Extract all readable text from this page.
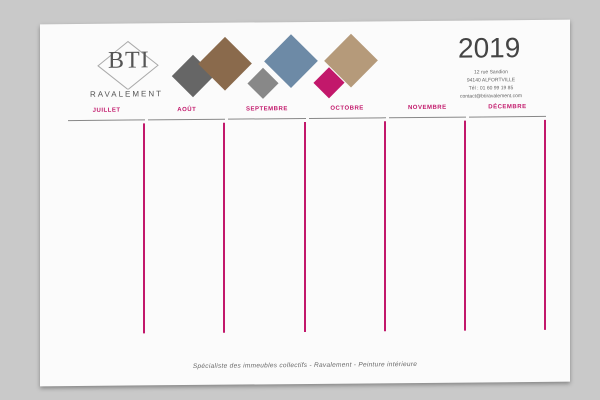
BTI
RAVALEMENT
2019
12 rue Sandion
94140 ALFORTVILLE
Tél : 01 60 99 19 85
contact@btiravalement.com
JUILLET	AOÛT	SEPTEMBRE	OCTOBRE	NOVEMBRE	DÉCEMBRE
Spécialiste des immeubles collectifs - Ravalement - Peinture intérieure
